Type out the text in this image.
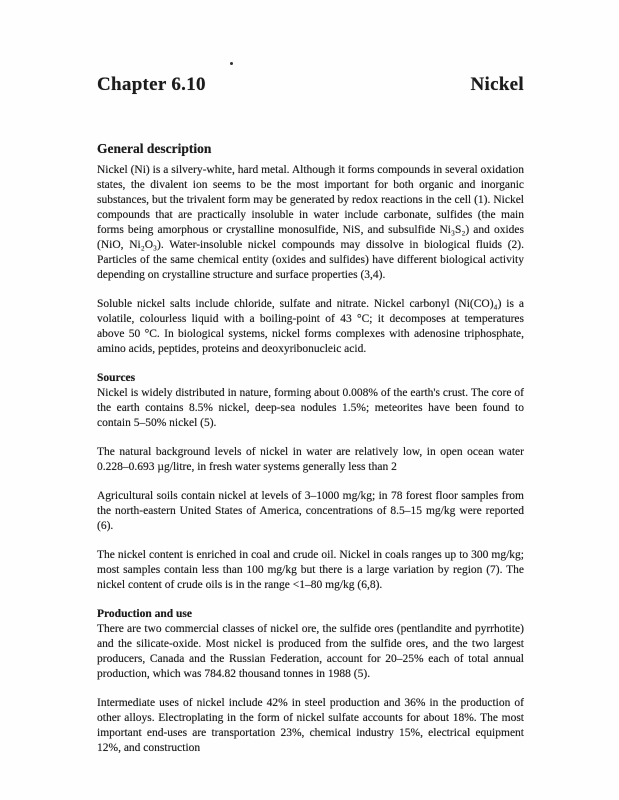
Chapter 6.10	Nickel
General description

Nickel (Ni) is a silvery-white, hard metal. Although it forms compounds in several oxidation states, the divalent ion seems to be the most important for both organic and inorganic substances, but the trivalent form may be generated by redox reactions in the cell (1). Nickel compounds that are practically insoluble in water include carbonate, sulfides (the main forms being amorphous or crystalline monosulfide, NiS, and subsulfide Ni₃S₂) and oxides (NiO, Ni₂O₃). Water-insoluble nickel compounds may dissolve in biological fluids (2). Particles of the same chemical entity (oxides and sulfides) have different biological activity depending on crystalline structure and surface properties (3,4).

Soluble nickel salts include chloride, sulfate and nitrate. Nickel carbonyl (Ni(CO)₄) is a volatile, colourless liquid with a boiling-point of 43 °C; it decomposes at temperatures above 50 °C. In biological systems, nickel forms complexes with adenosine triphosphate, amino acids, peptides, proteins and deoxyribonucleic acid.

Sources

Nickel is widely distributed in nature, forming about 0.008% of the earth's crust. The core of the earth contains 8.5% nickel, deep-sea nodules 1.5%; meteorites have been found to contain 5–50% nickel (5).

The natural background levels of nickel in water are relatively low, in open ocean water 0.228–0.693 µg/litre, in fresh water systems generally less than 2

Agricultural soils contain nickel at levels of 3–1000 mg/kg; in 78 forest floor samples from the north-eastern United States of America, concentrations of 8.5–15 mg/kg were reported (6).

The nickel content is enriched in coal and crude oil. Nickel in coals ranges up to 300 mg/kg; most samples contain less than 100 mg/kg but there is a large variation by region (7). The nickel content of crude oils is in the range <1–80 mg/kg (6,8).

Production and use

There are two commercial classes of nickel ore, the sulfide ores (pentlandite and pyrrhotite) and the silicate-oxide. Most nickel is produced from the sulfide ores, and the two largest producers, Canada and the Russian Federation, account for 20–25% each of total annual production, which was 784.82 thousand tonnes in 1988 (5).

Intermediate uses of nickel include 42% in steel production and 36% in the production of other alloys. Electroplating in the form of nickel sulfate accounts for about 18%. The most important end-uses are transportation 23%, chemical industry 15%, electrical equipment 12%, and construction
